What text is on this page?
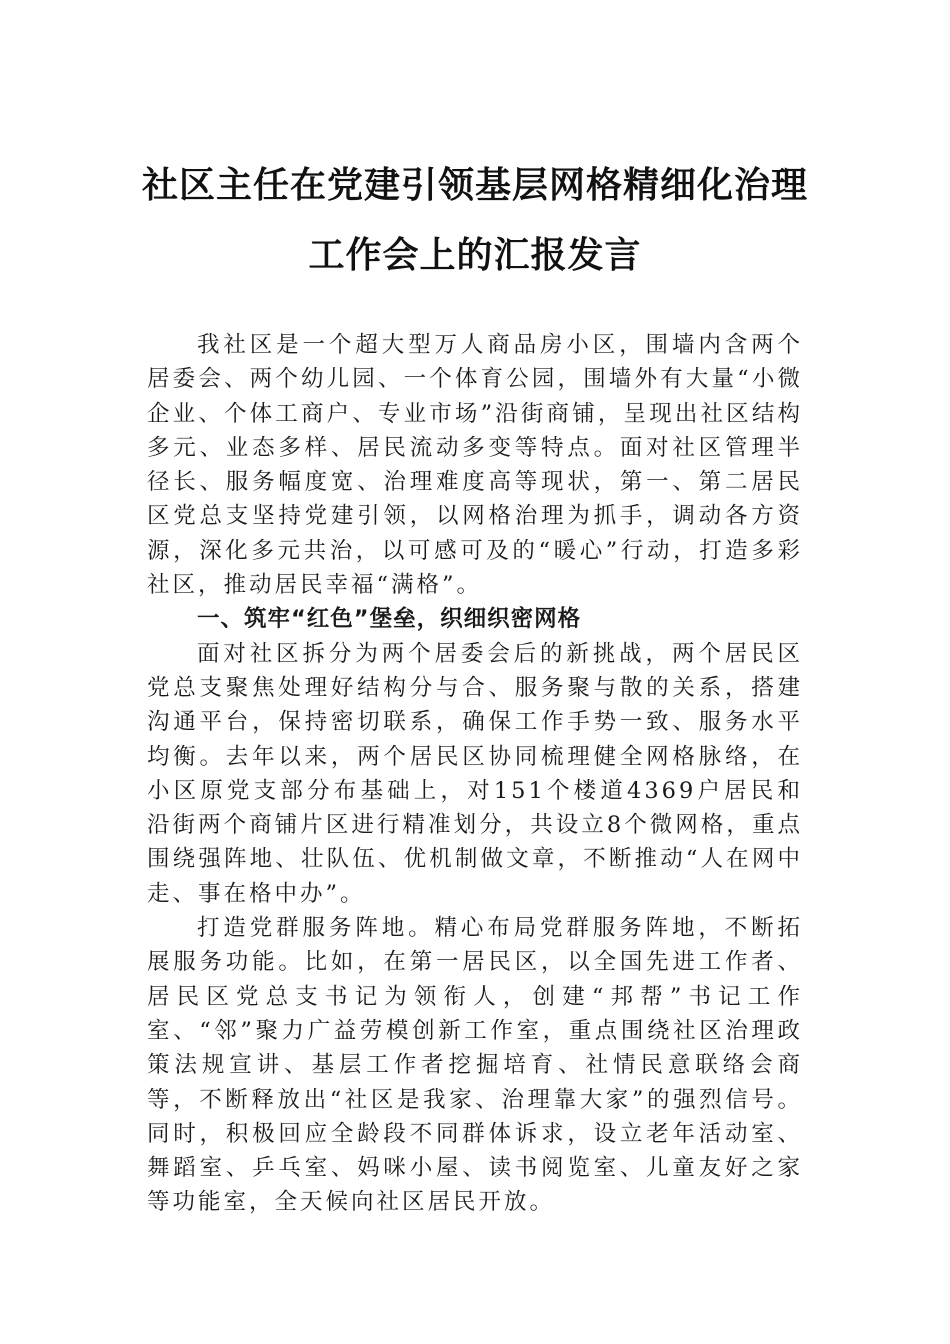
社区主任在党建引领基层网格精细化治理
工作会上的汇报发言

我社区是一个超大型万人商品房小区，围墙内含两个居委会、两个幼儿园、一个体育公园，围墙外有大量“小微企业、个体工商户、专业市场”沿街商铺，呈现出社区结构多元、业态多样、居民流动多变等特点。面对社区管理半径长、服务幅度宽、治理难度高等现状，第一、第二居民区党总支坚持党建引领，以网格治理为抓手，调动各方资源，深化多元共治，以可感可及的“暖心”行动，打造多彩社区，推动居民幸福“满格”。

一、筑牢“红色”堡垒，织细织密网格

面对社区拆分为两个居委会后的新挑战，两个居民区党总支聚焦处理好结构分与合、服务聚与散的关系，搭建沟通平台，保持密切联系，确保工作手势一致、服务水平均衡。去年以来，两个居民区协同梳理健全网格脉络，在小区原党支部分布基础上，对151个楼道4369户居民和沿街两个商铺片区进行精准划分，共设立8个微网格，重点围绕强阵地、壮队伍、优机制做文章，不断推动“人在网中走、事在格中办”。

打造党群服务阵地。精心布局党群服务阵地，不断拓展服务功能。比如，在第一居民区，以全国先进工作者、居民区党总支书记为领衔人，创建“邦帮”书记工作室、“邻”聚力广益劳模创新工作室，重点围绕社区治理政策法规宣讲、基层工作者挖掘培育、社情民意联络会商等，不断释放出“社区是我家、治理靠大家”的强烈信号。同时，积极回应全龄段不同群体诉求，设立老年活动室、舞蹈室、乒乓室、妈咪小屋、读书阅览室、儿童友好之家等功能室，全天候向社区居民开放。
